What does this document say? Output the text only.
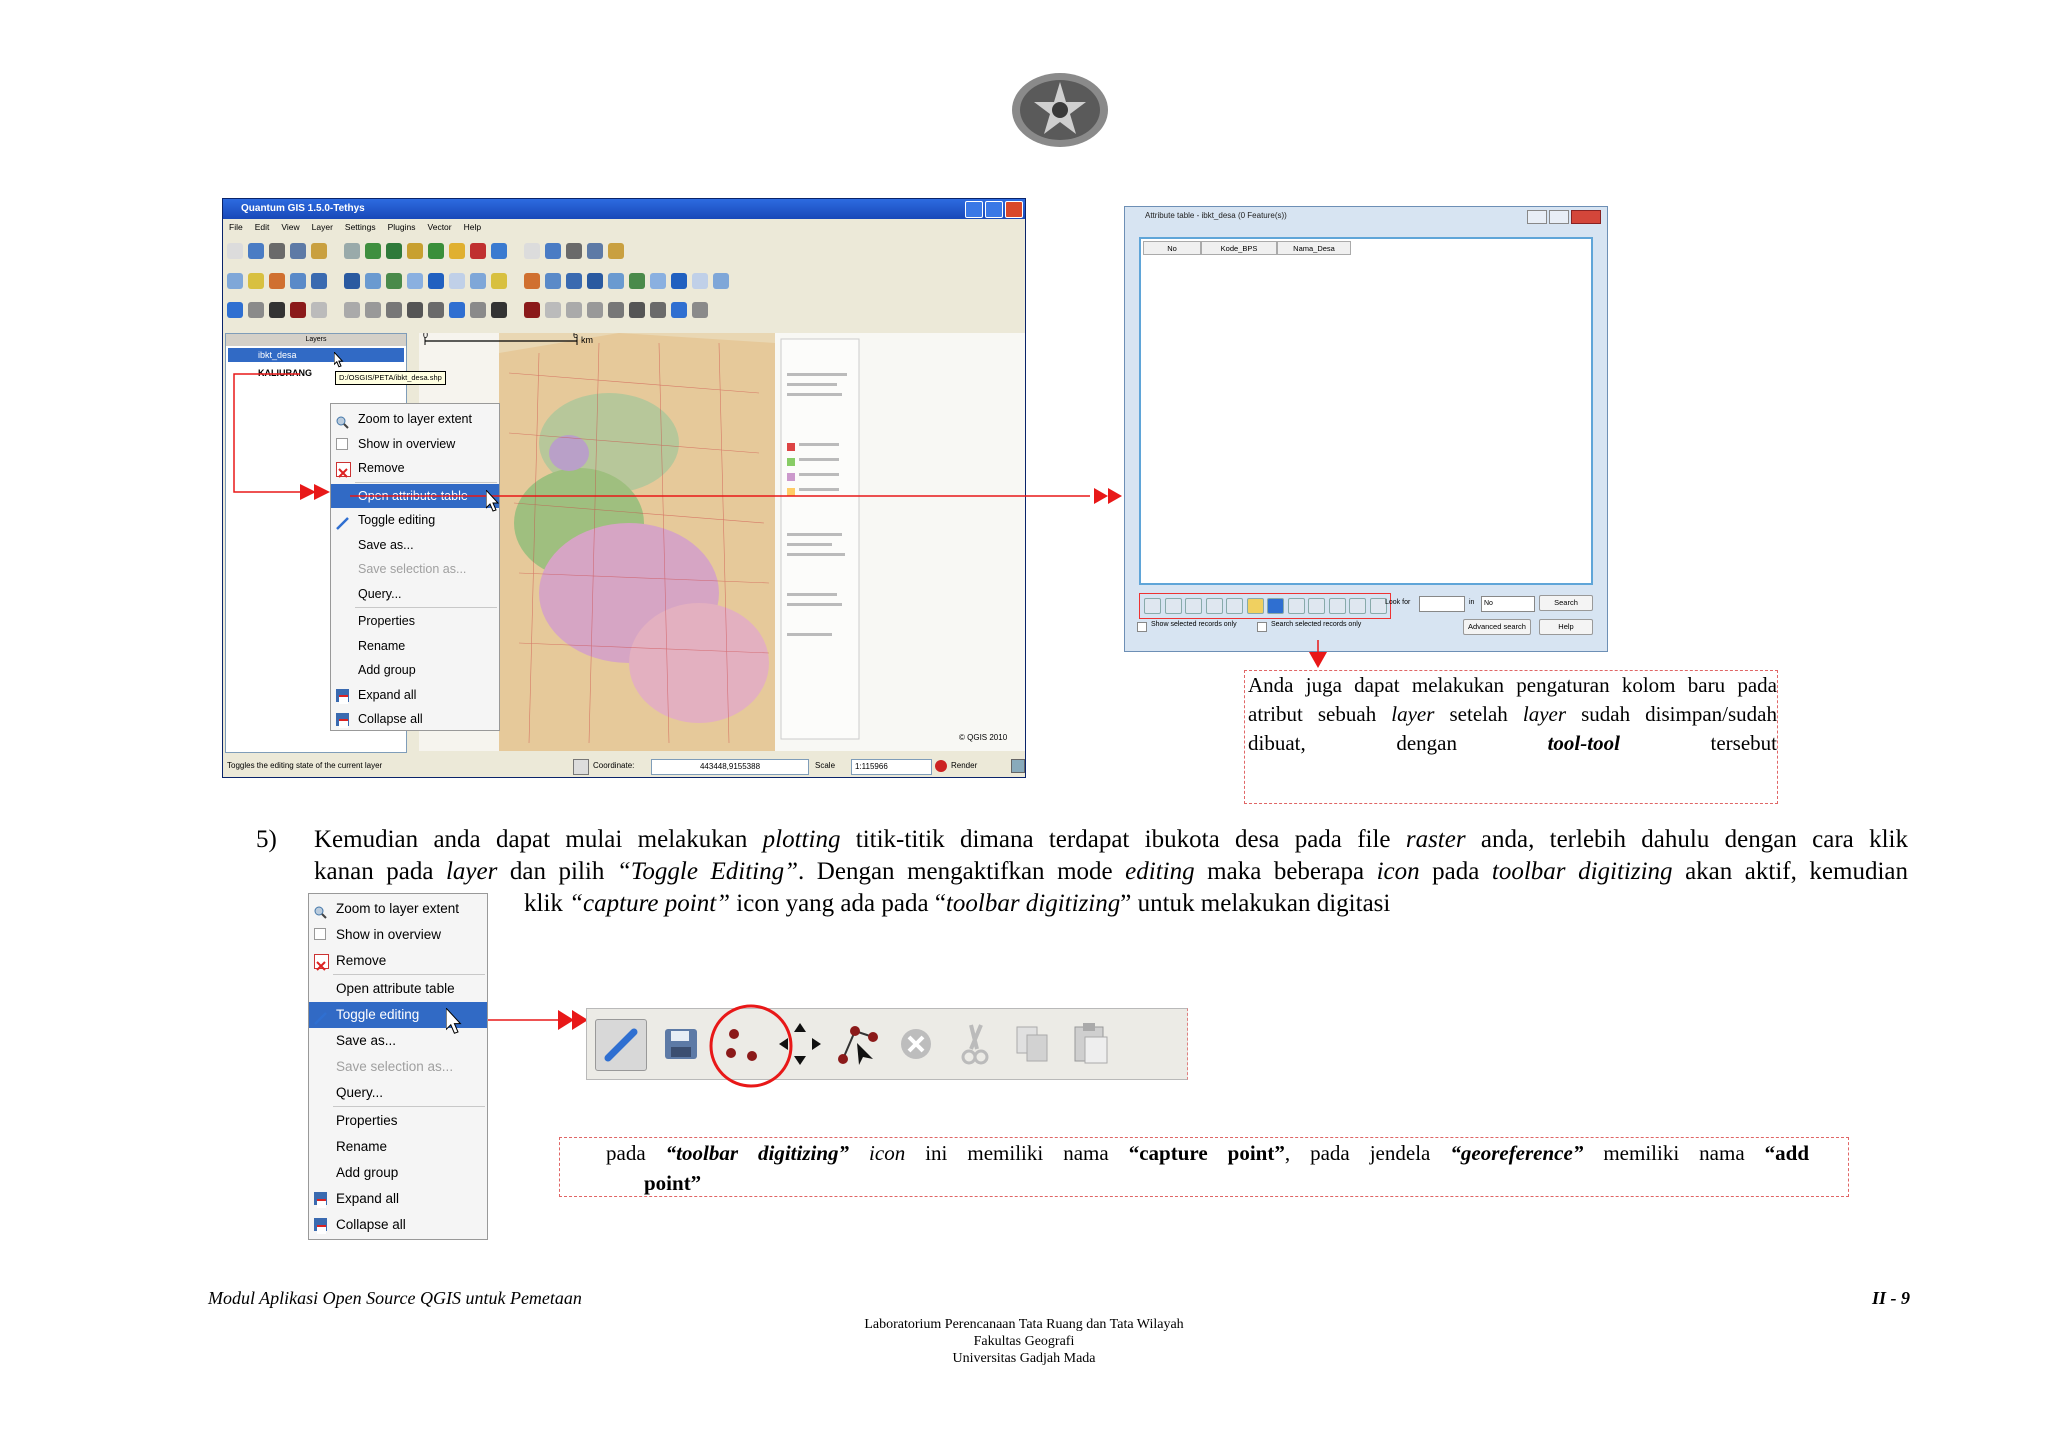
Quantum GIS 1.5.0-Tethys
File Edit View Layer Settings Plugins Vector Help
Layers
ibkt_desa
KALIURANG
0	6 km
© QGIS 2010
D:/OSGIS/PETA/ibkt_desa.shp
Toggles the editing state of the current layer	Coordinate:	443448,9155388	Scale	1:115966	Render
Zoom to layer extent
Show in overview
Remove
Open attribute table
Toggle editing
Save as...
Save selection as...
Query...
Properties
Rename
Add group
Expand all
Collapse all
Zoom to layer extent
Show in overview
Remove
Open attribute table
Toggle editing
Save as...
Save selection as...
Query...
Properties
Rename
Add group
Expand all
Collapse all
Attribute table - ibkt_desa (0 Feature(s))
No	Kode_BPS	Nama_Desa
Look for	in	No	Search
Show selected records only	Search selected records only	Advanced search	Help
Anda juga dapat melakukan pengaturan kolom baru pada atribut sebuah layer setelah layer sudah disimpan/sudah dibuat, dengan tool-tool tersebut
5) Kemudian anda dapat mulai melakukan plotting titik-titik dimana terdapat ibukota desa pada file raster anda, terlebih dahulu dengan cara klik
kanan pada layer dan pilih “Toggle Editing”. Dengan mengaktifkan mode editing maka beberapa icon pada toolbar digitizing akan aktif, kemudian
klik “capture point” icon yang ada pada “toolbar digitizing” untuk melakukan digitasi
pada “toolbar digitizing” icon ini memiliki nama “capture point”, pada jendela “georeference” memiliki nama “add
point”
Modul Aplikasi Open Source QGIS untuk Pemetaan	II - 9
Laboratorium Perencanaan Tata Ruang dan Tata Wilayah
Fakultas Geografi
Universitas Gadjah Mada
